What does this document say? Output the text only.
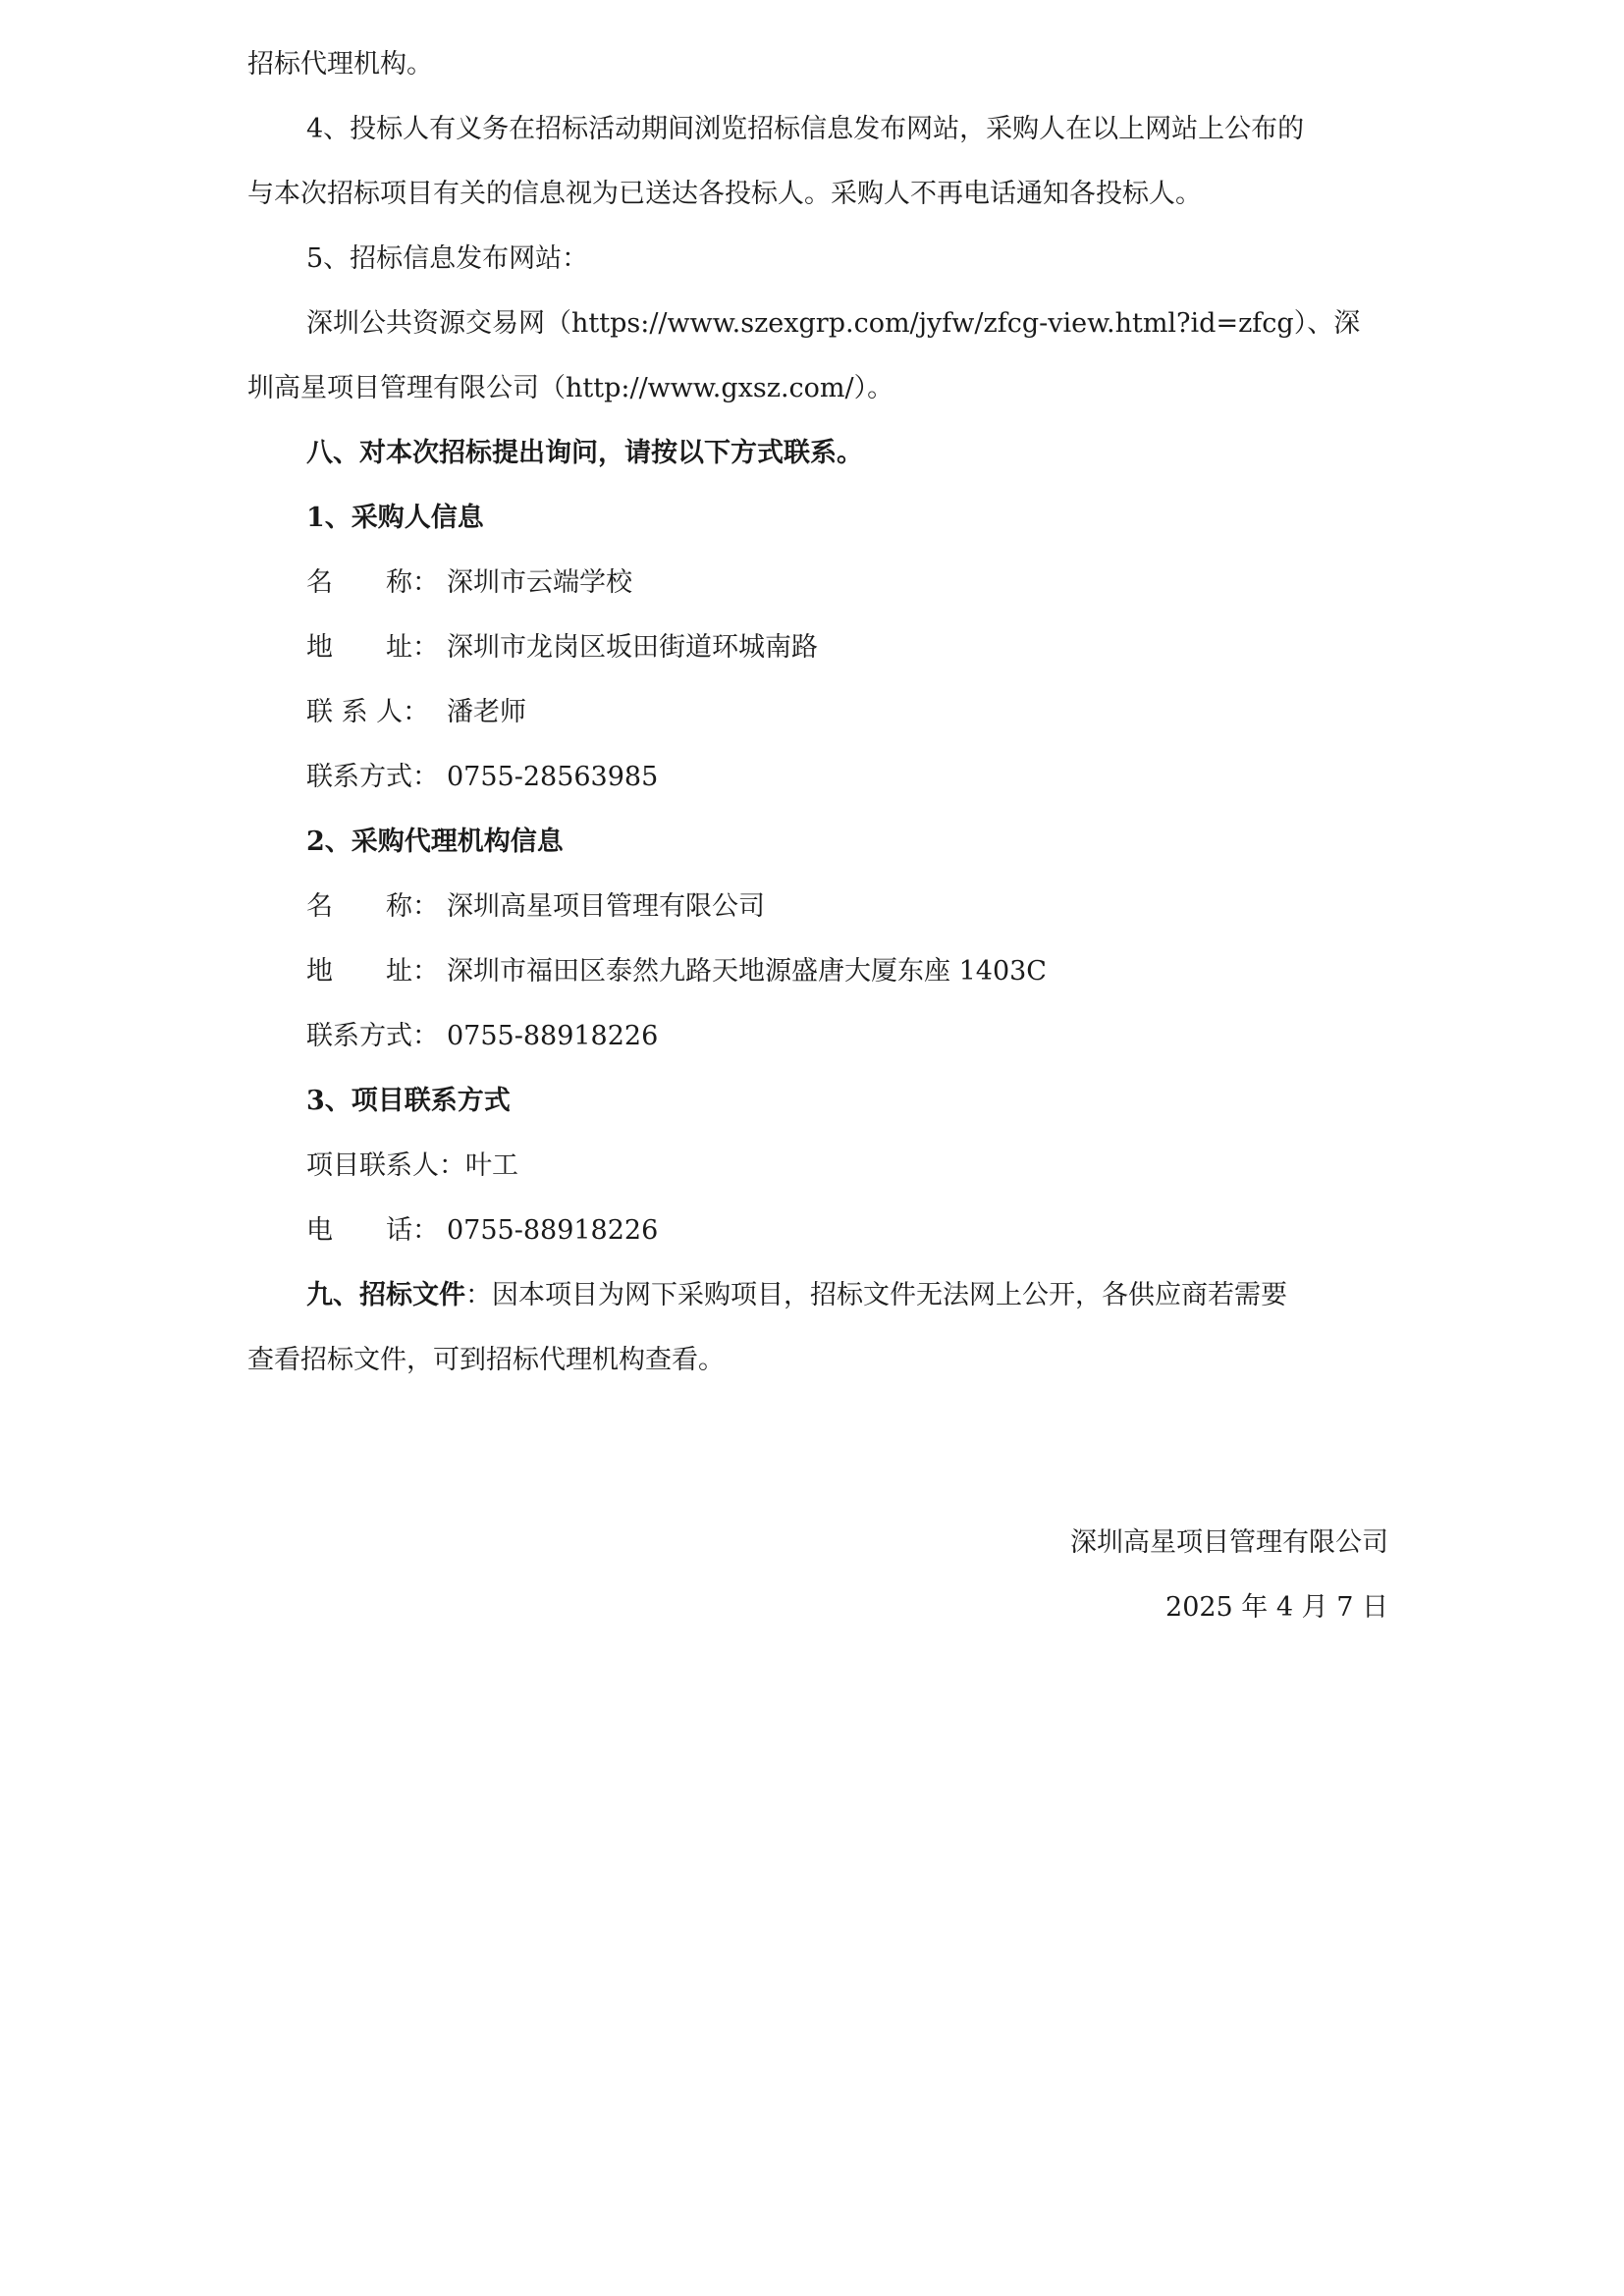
招标代理机构。
4、投标人有义务在招标活动期间浏览招标信息发布网站，采购人在以上网站上公布的
与本次招标项目有关的信息视为已送达各投标人。采购人不再电话通知各投标人。
5、招标信息发布网站：
深圳公共资源交易网（https://www.szexgrp.com/jyfw/zfcg-view.html?id=zfcg）、深
圳高星项目管理有限公司（http://www.gxsz.com/）。
八、对本次招标提出询问，请按以下方式联系。
1、采购人信息
名　　称： 深圳市云端学校
地　　址： 深圳市龙岗区坂田街道环城南路
联 系 人： 潘老师
联系方式： 0755-28563985
2、采购代理机构信息
名　　称： 深圳高星项目管理有限公司
地　　址： 深圳市福田区泰然九路天地源盛唐大厦东座 1403C
联系方式： 0755-88918226
3、项目联系方式
项目联系人：叶工
电　　话： 0755-88918226
九、招标文件：因本项目为网下采购项目，招标文件无法网上公开，各供应商若需要
查看招标文件，可到招标代理机构查看。
深圳高星项目管理有限公司
2025 年 4 月 7 日
